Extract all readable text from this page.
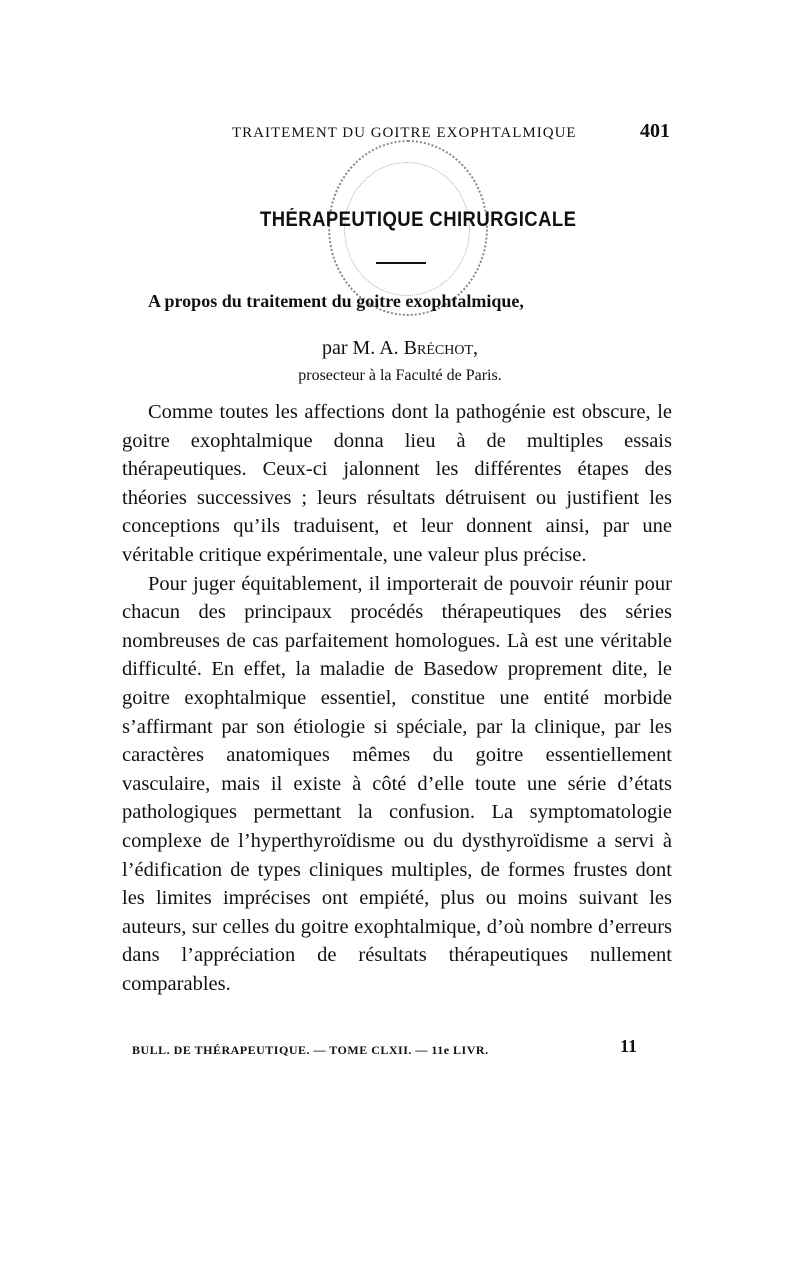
TRAITEMENT DU GOITRE EXOPHTALMIQUE	401
THÉRAPEUTIQUE CHIRURGICALE
A propos du traitement du goitre exophtalmique,
par M. A. Bréchot,
prosecteur à la Faculté de Paris.

Comme toutes les affections dont la pathogénie est obscure, le goitre exophtalmique donna lieu à de multiples essais thérapeutiques. Ceux-ci jalonnent les différentes étapes des théories successives ; leurs résultats détruisent ou justifient les conceptions qu’ils traduisent, et leur donnent ainsi, par une véritable critique expérimentale, une valeur plus précise.

Pour juger équitablement, il importerait de pouvoir réunir pour chacun des principaux procédés thérapeutiques des séries nombreuses de cas parfaitement homologues. Là est une véritable difficulté. En effet, la maladie de Basedow proprement dite, le goitre exophtalmique essentiel, constitue une entité morbide s’affirmant par son étiologie si spéciale, par la clinique, par les caractères anatomiques mêmes du goitre essentiellement vasculaire, mais il existe à côté d’elle toute une série d’états pathologiques permettant la confusion. La symptomatologie complexe de l’hyperthyroïdisme ou du dysthyroïdisme a servi à l’édification de types cliniques multiples, de formes frustes dont les limites imprécises ont empiété, plus ou moins suivant les auteurs, sur celles du goitre exophtalmique, d’où nombre d’erreurs dans l’appréciation de résultats thérapeutiques nullement comparables.

BULL. DE THÉRAPEUTIQUE. — TOME CLXII. — 11e LIVR.	11
